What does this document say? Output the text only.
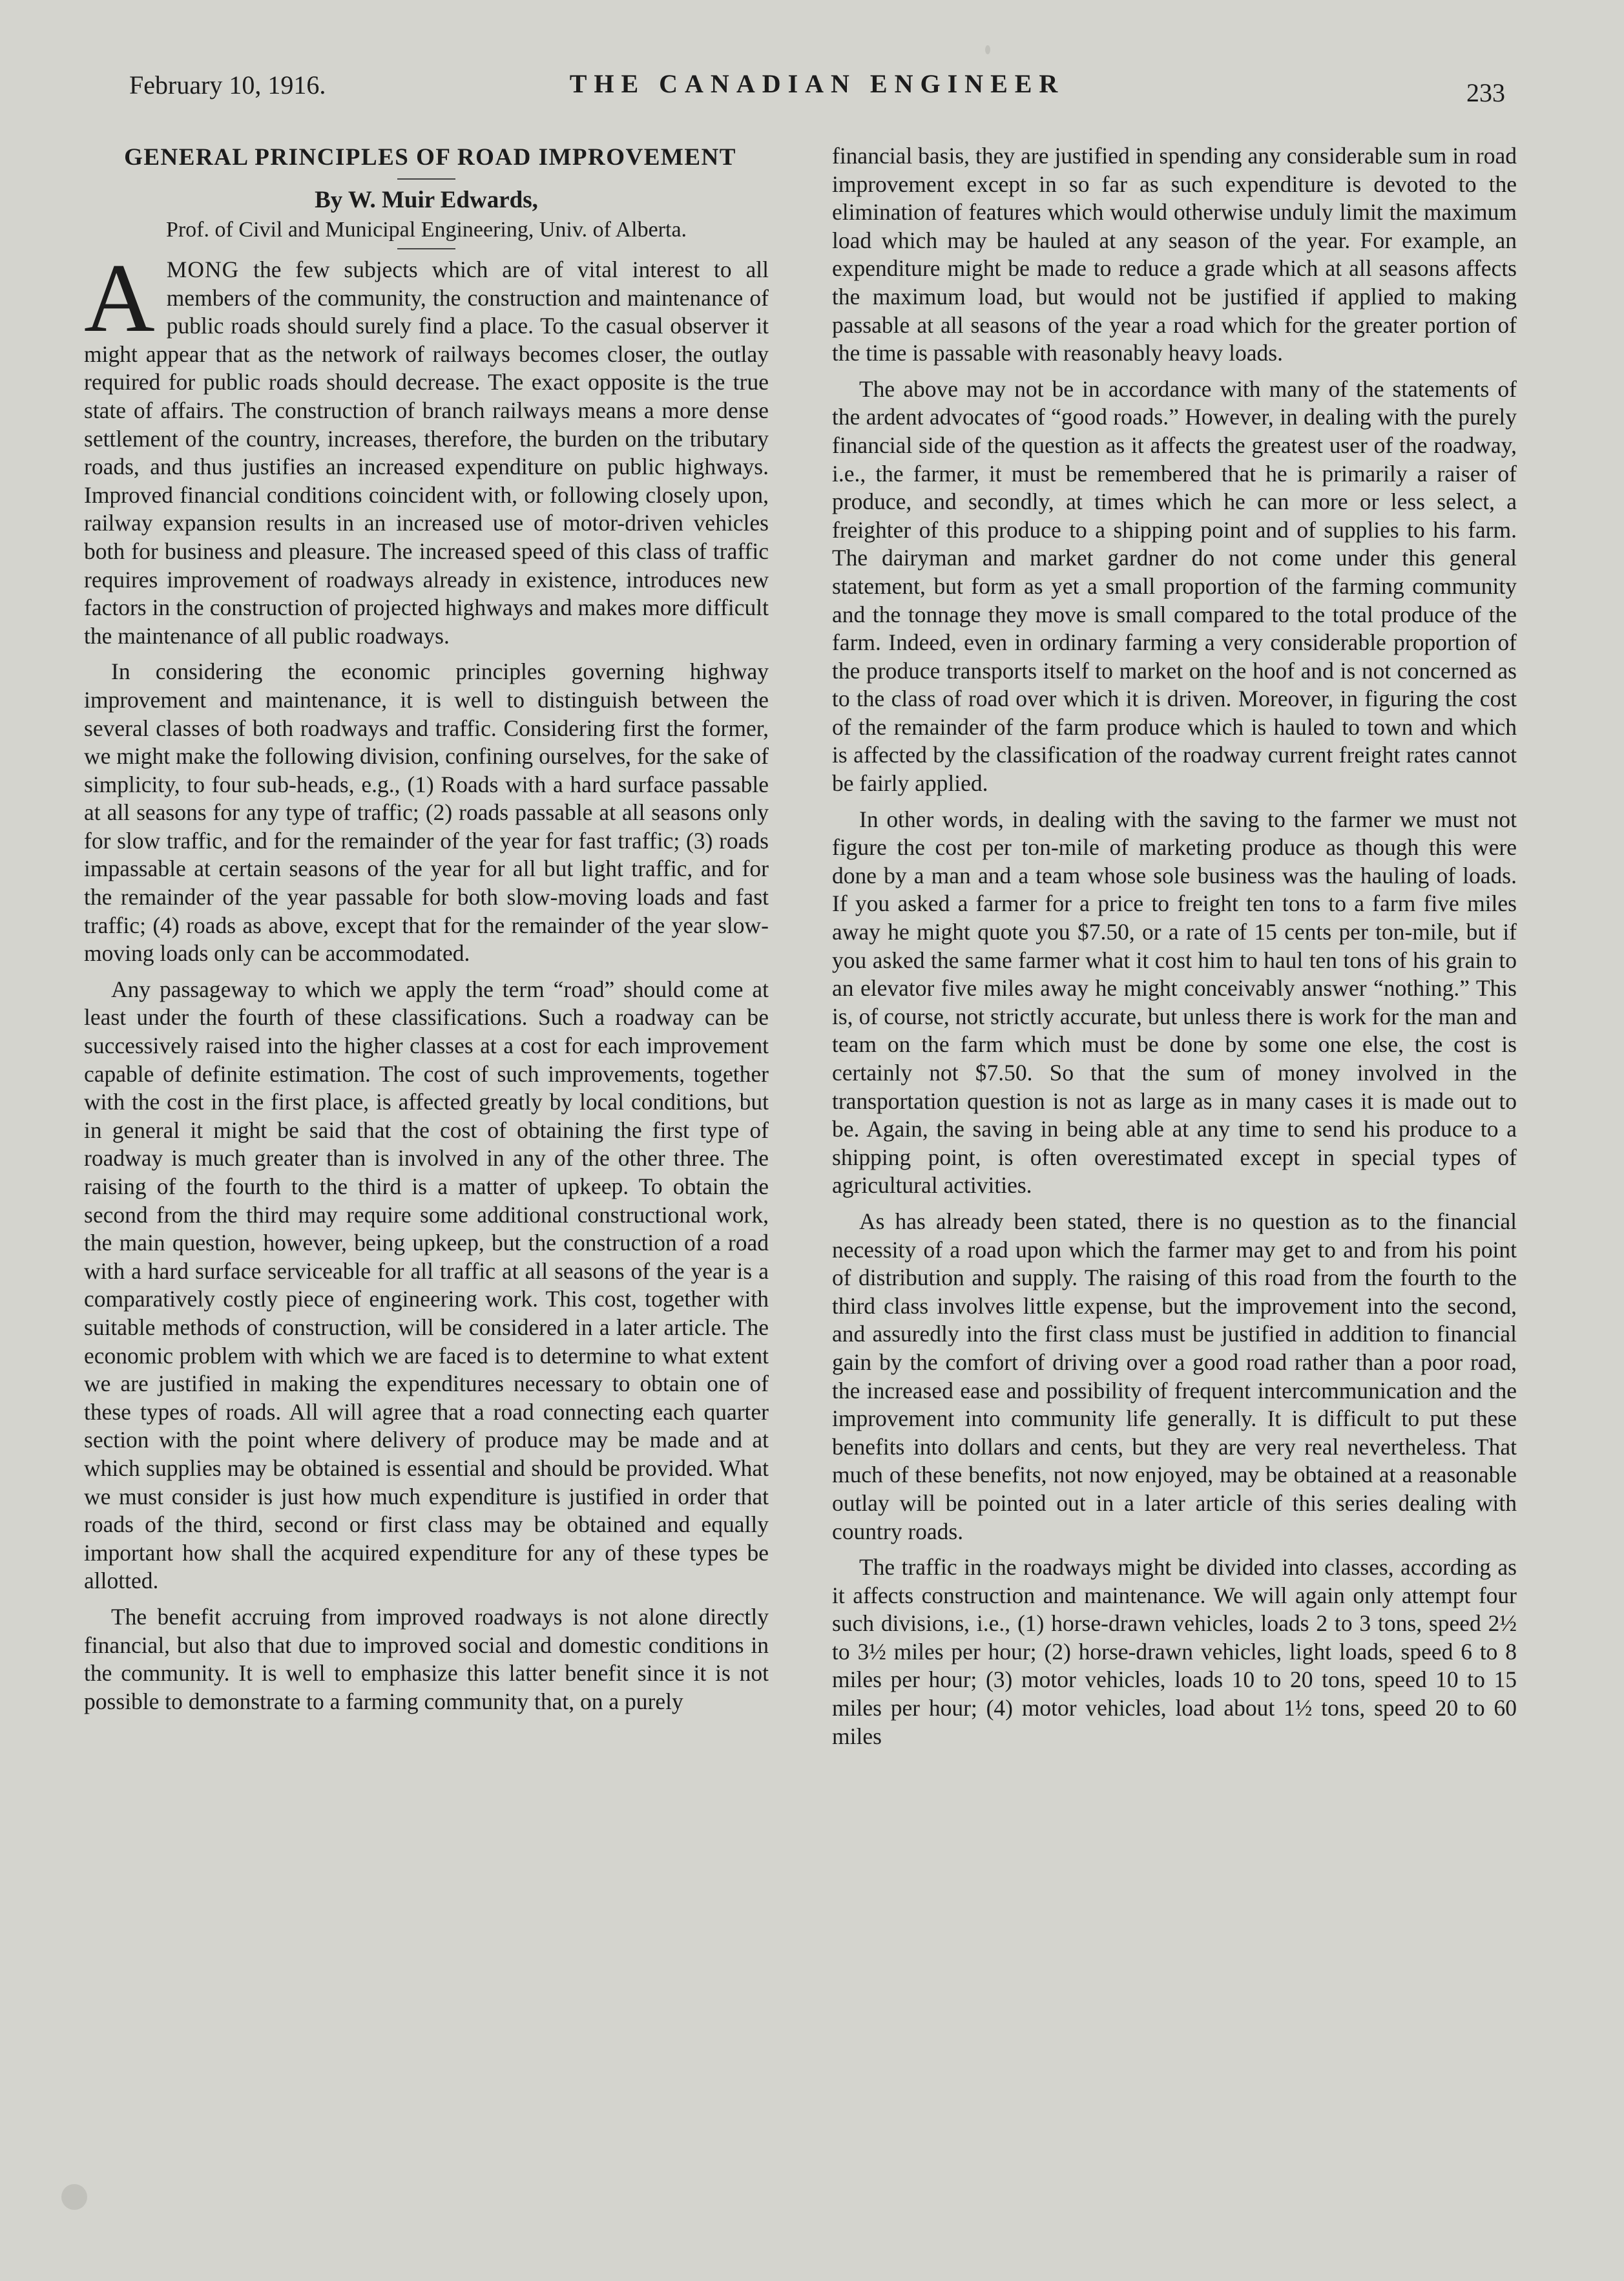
February 10, 1916.	THE CANADIAN ENGINEER	233
GENERAL PRINCIPLES OF ROAD IMPROVEMENT
By W. Muir Edwards,
Prof. of Civil and Municipal Engineering, Univ. of Alberta.

AMONG the few subjects which are of vital interest to all members of the community, the construction and maintenance of public roads should surely find a place. To the casual observer it might appear that as the network of railways becomes closer, the outlay required for public roads should decrease. The exact opposite is the true state of affairs. The construction of branch railways means a more dense settlement of the country, increases, therefore, the burden on the tributary roads, and thus justifies an increased expenditure on public highways. Improved financial conditions coincident with, or following closely upon, railway expansion results in an increased use of motor-driven vehicles both for business and pleasure. The increased speed of this class of traffic requires improvement of roadways already in existence, introduces new factors in the construction of projected highways and makes more difficult the maintenance of all public roadways.

In considering the economic principles governing highway improvement and maintenance, it is well to distinguish between the several classes of both roadways and traffic. Considering first the former, we might make the following division, confining ourselves, for the sake of simplicity, to four sub-heads, e.g., (1) Roads with a hard surface passable at all seasons for any type of traffic; (2) roads passable at all seasons only for slow traffic, and for the remainder of the year for fast traffic; (3) roads impassable at certain seasons of the year for all but light traffic, and for the remainder of the year passable for both slow-moving loads and fast traffic; (4) roads as above, except that for the remainder of the year slow-moving loads only can be accommodated.

Any passageway to which we apply the term “road” should come at least under the fourth of these classifications. Such a roadway can be successively raised into the higher classes at a cost for each improvement capable of definite estimation. The cost of such improvements, together with the cost in the first place, is affected greatly by local conditions, but in general it might be said that the cost of obtaining the first type of roadway is much greater than is involved in any of the other three. The raising of the fourth to the third is a matter of upkeep. To obtain the second from the third may require some additional constructional work, the main question, however, being upkeep, but the construction of a road with a hard surface serviceable for all traffic at all seasons of the year is a comparatively costly piece of engineering work. This cost, together with suitable methods of construction, will be considered in a later article. The economic problem with which we are faced is to determine to what extent we are justified in making the expenditures necessary to obtain one of these types of roads. All will agree that a road connecting each quarter section with the point where delivery of produce may be made and at which supplies may be obtained is essential and should be provided. What we must consider is just how much expenditure is justified in order that roads of the third, second or first class may be obtained and equally important how shall the acquired expenditure for any of these types be allotted.

The benefit accruing from improved roadways is not alone directly financial, but also that due to improved social and domestic conditions in the community. It is well to emphasize this latter benefit since it is not possible to demonstrate to a farming community that, on a purely

financial basis, they are justified in spending any considerable sum in road improvement except in so far as such expenditure is devoted to the elimination of features which would otherwise unduly limit the maximum load which may be hauled at any season of the year. For example, an expenditure might be made to reduce a grade which at all seasons affects the maximum load, but would not be justified if applied to making passable at all seasons of the year a road which for the greater portion of the time is passable with reasonably heavy loads.

The above may not be in accordance with many of the statements of the ardent advocates of “good roads.” However, in dealing with the purely financial side of the question as it affects the greatest user of the roadway, i.e., the farmer, it must be remembered that he is primarily a raiser of produce, and secondly, at times which he can more or less select, a freighter of this produce to a shipping point and of supplies to his farm. The dairyman and market gardner do not come under this general statement, but form as yet a small proportion of the farming community and the tonnage they move is small compared to the total produce of the farm. Indeed, even in ordinary farming a very considerable proportion of the produce transports itself to market on the hoof and is not concerned as to the class of road over which it is driven. Moreover, in figuring the cost of the remainder of the farm produce which is hauled to town and which is affected by the classification of the roadway current freight rates cannot be fairly applied.

In other words, in dealing with the saving to the farmer we must not figure the cost per ton-mile of marketing produce as though this were done by a man and a team whose sole business was the hauling of loads. If you asked a farmer for a price to freight ten tons to a farm five miles away he might quote you $7.50, or a rate of 15 cents per ton-mile, but if you asked the same farmer what it cost him to haul ten tons of his grain to an elevator five miles away he might conceivably answer “nothing.” This is, of course, not strictly accurate, but unless there is work for the man and team on the farm which must be done by some one else, the cost is certainly not $7.50. So that the sum of money involved in the transportation question is not as large as in many cases it is made out to be. Again, the saving in being able at any time to send his produce to a shipping point, is often overestimated except in special types of agricultural activities.

As has already been stated, there is no question as to the financial necessity of a road upon which the farmer may get to and from his point of distribution and supply. The raising of this road from the fourth to the third class involves little expense, but the improvement into the second, and assuredly into the first class must be justified in addition to financial gain by the comfort of driving over a good road rather than a poor road, the increased ease and possibility of frequent intercommunication and the improvement into community life generally. It is difficult to put these benefits into dollars and cents, but they are very real nevertheless. That much of these benefits, not now enjoyed, may be obtained at a reasonable outlay will be pointed out in a later article of this series dealing with country roads.

The traffic in the roadways might be divided into classes, according as it affects construction and maintenance. We will again only attempt four such divisions, i.e., (1) horse-drawn vehicles, loads 2 to 3 tons, speed 2½ to 3½ miles per hour; (2) horse-drawn vehicles, light loads, speed 6 to 8 miles per hour; (3) motor vehicles, loads 10 to 20 tons, speed 10 to 15 miles per hour; (4) motor vehicles, load about 1½ tons, speed 20 to 60 miles
